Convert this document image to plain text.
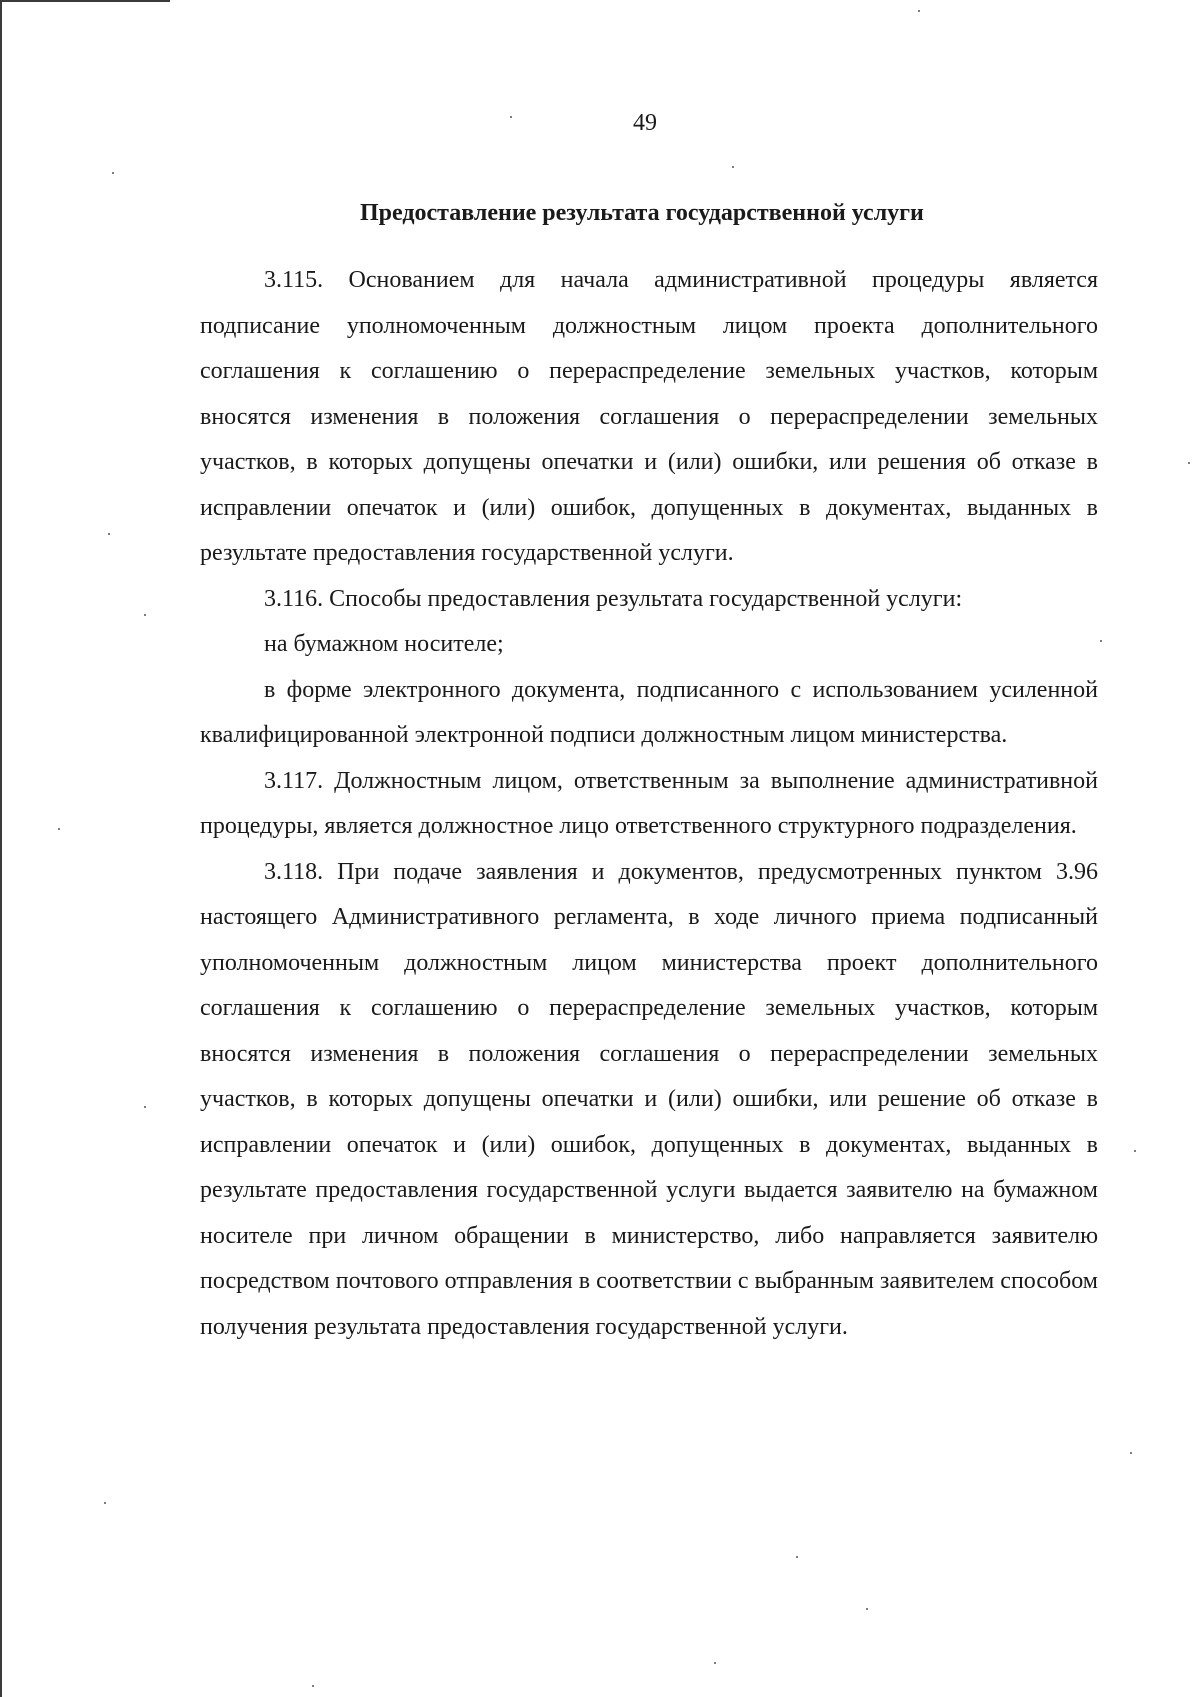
49
Предоставление результата государственной услуги

3.115. Основанием для начала административной процедуры является подписание уполномоченным должностным лицом проекта дополнительного соглашения к соглашению о перераспределение земельных участков, которым вносятся изменения в положения соглашения о перераспределении земельных участков, в которых допущены опечатки и (или) ошибки, или решения об отказе в исправлении опечаток и (или) ошибок, допущенных в документах, выданных в результате предоставления государственной услуги.

3.116. Способы предоставления результата государственной услуги:

на бумажном носителе;

в форме электронного документа, подписанного с использованием усиленной квалифицированной электронной подписи должностным лицом министерства.

3.117. Должностным лицом, ответственным за выполнение административной процедуры, является должностное лицо ответственного структурного подразделения.

3.118. При подаче заявления и документов, предусмотренных пунктом 3.96 настоящего Административного регламента, в ходе личного приема подписанный уполномоченным должностным лицом министерства проект дополнительного соглашения к соглашению о перераспределение земельных участков, которым вносятся изменения в положения соглашения о перераспределении земельных участков, в которых допущены опечатки и (или) ошибки, или решение об отказе в исправлении опечаток и (или) ошибок, допущенных в документах, выданных в результате предоставления государственной услуги выдается заявителю на бумажном носителе при личном обращении в министерство, либо направляется заявителю посредством почтового отправления в соответствии с выбранным заявителем способом получения результата предоставления государственной услуги.
